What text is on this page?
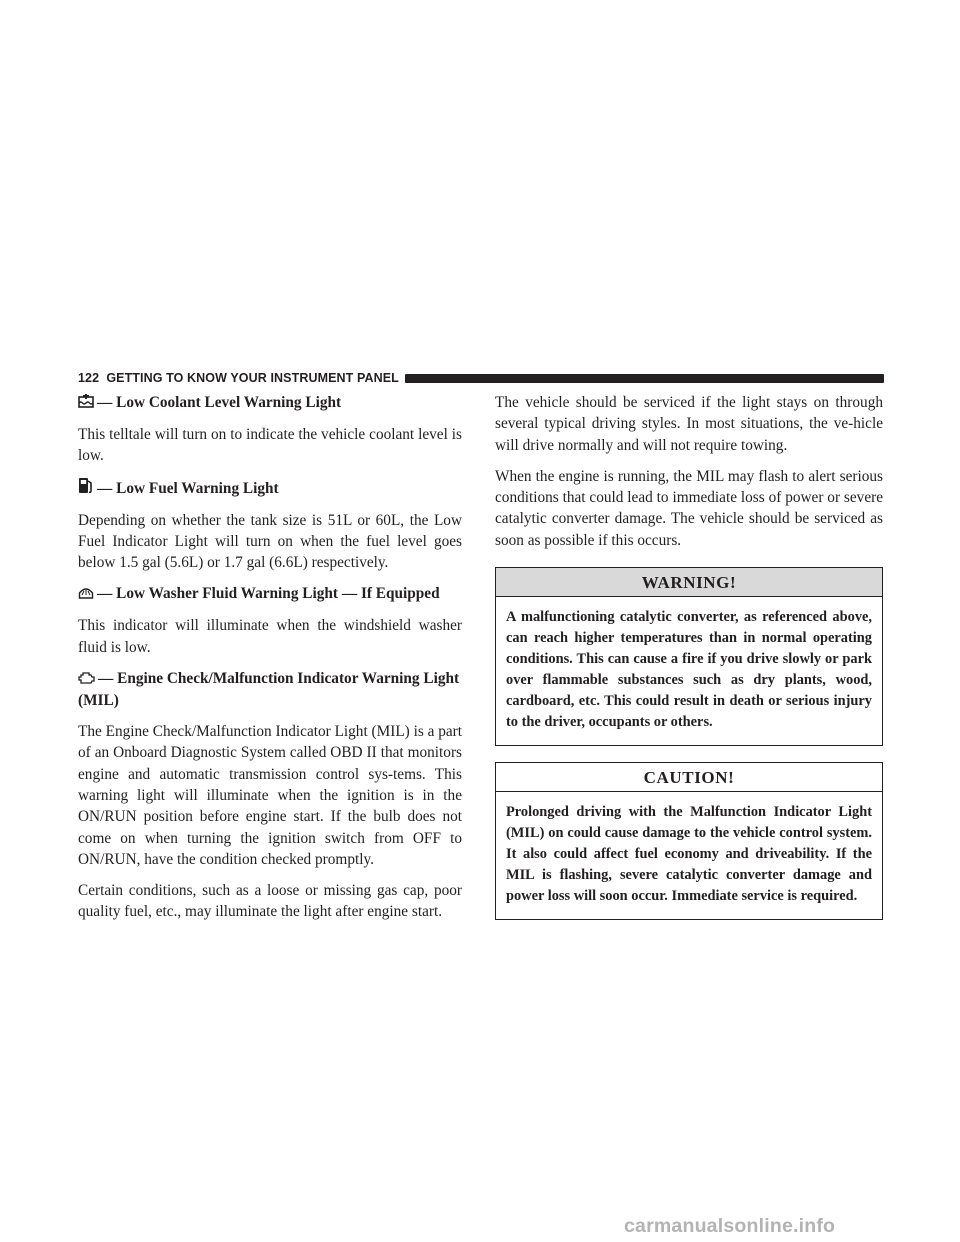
122 GETTING TO KNOW YOUR INSTRUMENT PANEL
— Low Coolant Level Warning Light

This telltale will turn on to indicate the vehicle coolant level is low.

— Low Fuel Warning Light

Depending on whether the tank size is 51L or 60L, the Low Fuel Indicator Light will turn on when the fuel level goes below 1.5 gal (5.6L) or 1.7 gal (6.6L) respectively.

— Low Washer Fluid Warning Light — If Equipped

This indicator will illuminate when the windshield washer fluid is low.

— Engine Check/Malfunction Indicator Warning Light (MIL)

The Engine Check/Malfunction Indicator Light (MIL) is a part of an Onboard Diagnostic System called OBD II that monitors engine and automatic transmission control sys-tems. This warning light will illuminate when the ignition is in the ON/RUN position before engine start. If the bulb does not come on when turning the ignition switch from OFF to ON/RUN, have the condition checked promptly.

Certain conditions, such as a loose or missing gas cap, poor quality fuel, etc., may illuminate the light after engine start.

The vehicle should be serviced if the light stays on through several typical driving styles. In most situations, the ve-hicle will drive normally and will not require towing.

When the engine is running, the MIL may flash to alert serious conditions that could lead to immediate loss of power or severe catalytic converter damage. The vehicle should be serviced as soon as possible if this occurs.

WARNING!
A malfunctioning catalytic converter, as referenced above, can reach higher temperatures than in normal operating conditions. This can cause a fire if you drive slowly or park over flammable substances such as dry plants, wood, cardboard, etc. This could result in death or serious injury to the driver, occupants or others.
CAUTION!
Prolonged driving with the Malfunction Indicator Light (MIL) on could cause damage to the vehicle control system. It also could affect fuel economy and driveability. If the MIL is flashing, severe catalytic converter damage and power loss will soon occur. Immediate service is required.
carmanualsonline.info
